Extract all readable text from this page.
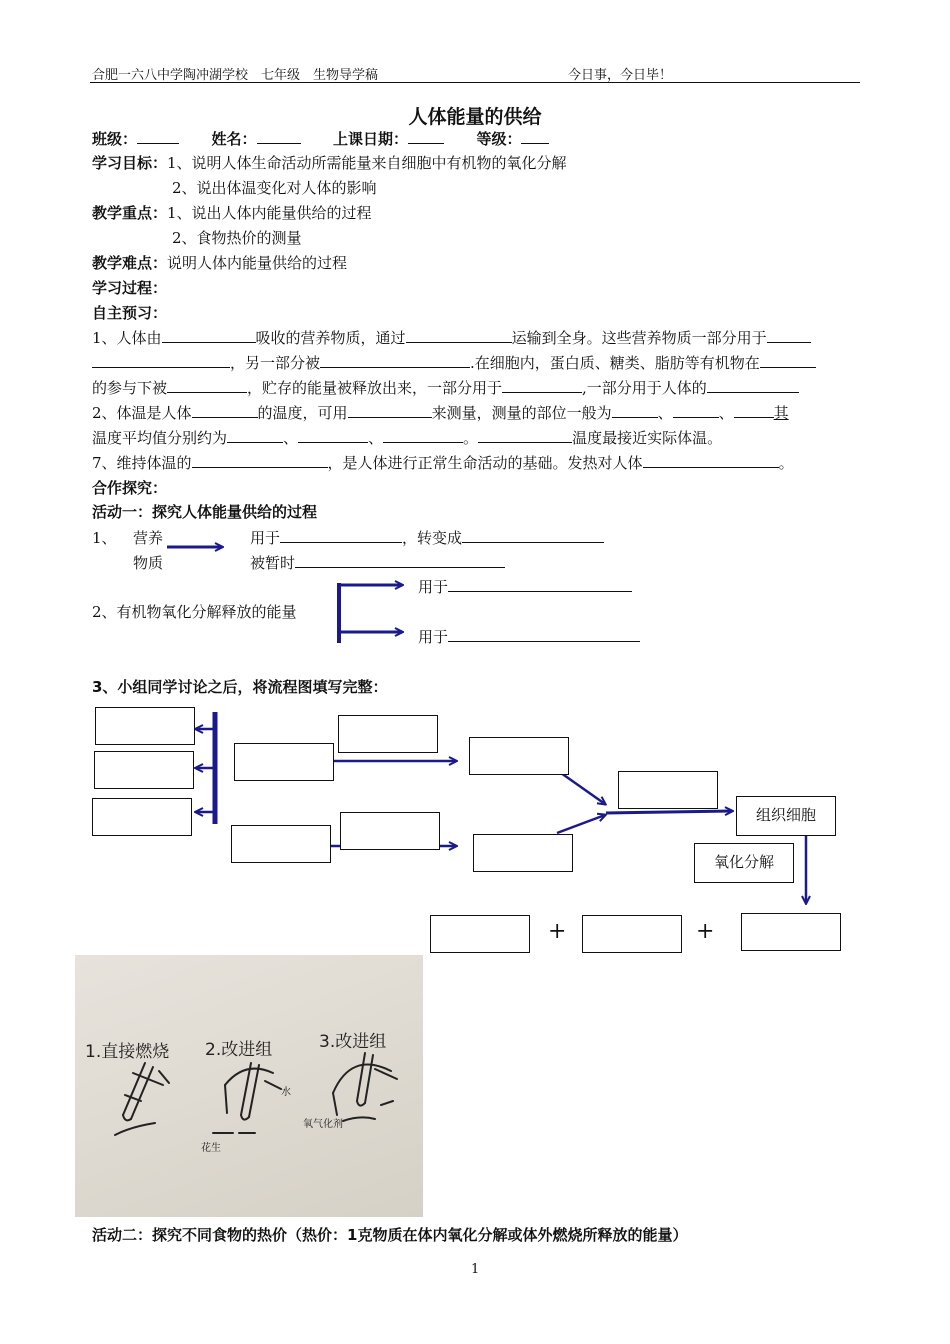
合肥一六八中学陶冲湖学校　七年级　生物导学稿	今日事，今日毕！
人体能量的供给
班级：	姓名：	上课日期：	等级：
学习目标：1、说明人体生命活动所需能量来自细胞中有机物的氧化分解
2、说出体温变化对人体的影响
教学重点：1、说出人体内能量供给的过程
2、食物热价的测量
教学难点：说明人体内能量供给的过程
学习过程：
自主预习：
1、人体由	吸收的营养物质，通过	运输到全身。这些营养物质一部分用于
，另一部分被	.在细胞内，蛋白质、糖类、脂肪等有机物在
的参与下被	，贮存的能量被释放出来，一部分用于	,一部分用于人体的
2、体温是人体	的温度，可用	来测量，测量的部位一般为	、	、	其
温度平均值分别约为	、	、	。	温度最接近实际体温。
7、维持体温的	，是人体进行正常生命活动的基础。发热对人体	。
合作探究：
活动一：探究人体能量供给的过程
1、 营养
物质
用于	，转变成
被暂时
2、有机物氧化分解释放的能量
用于
用于
3、小组同学讨论之后，将流程图填写完整：
组织细胞
氧化分解
+	+
1.直接燃烧 2.改进组	3.改进组
花生
水
氧气化剂
活动二：探究不同食物的热价（热价：1克物质在体内氧化分解或体外燃烧所释放的能量）
1
